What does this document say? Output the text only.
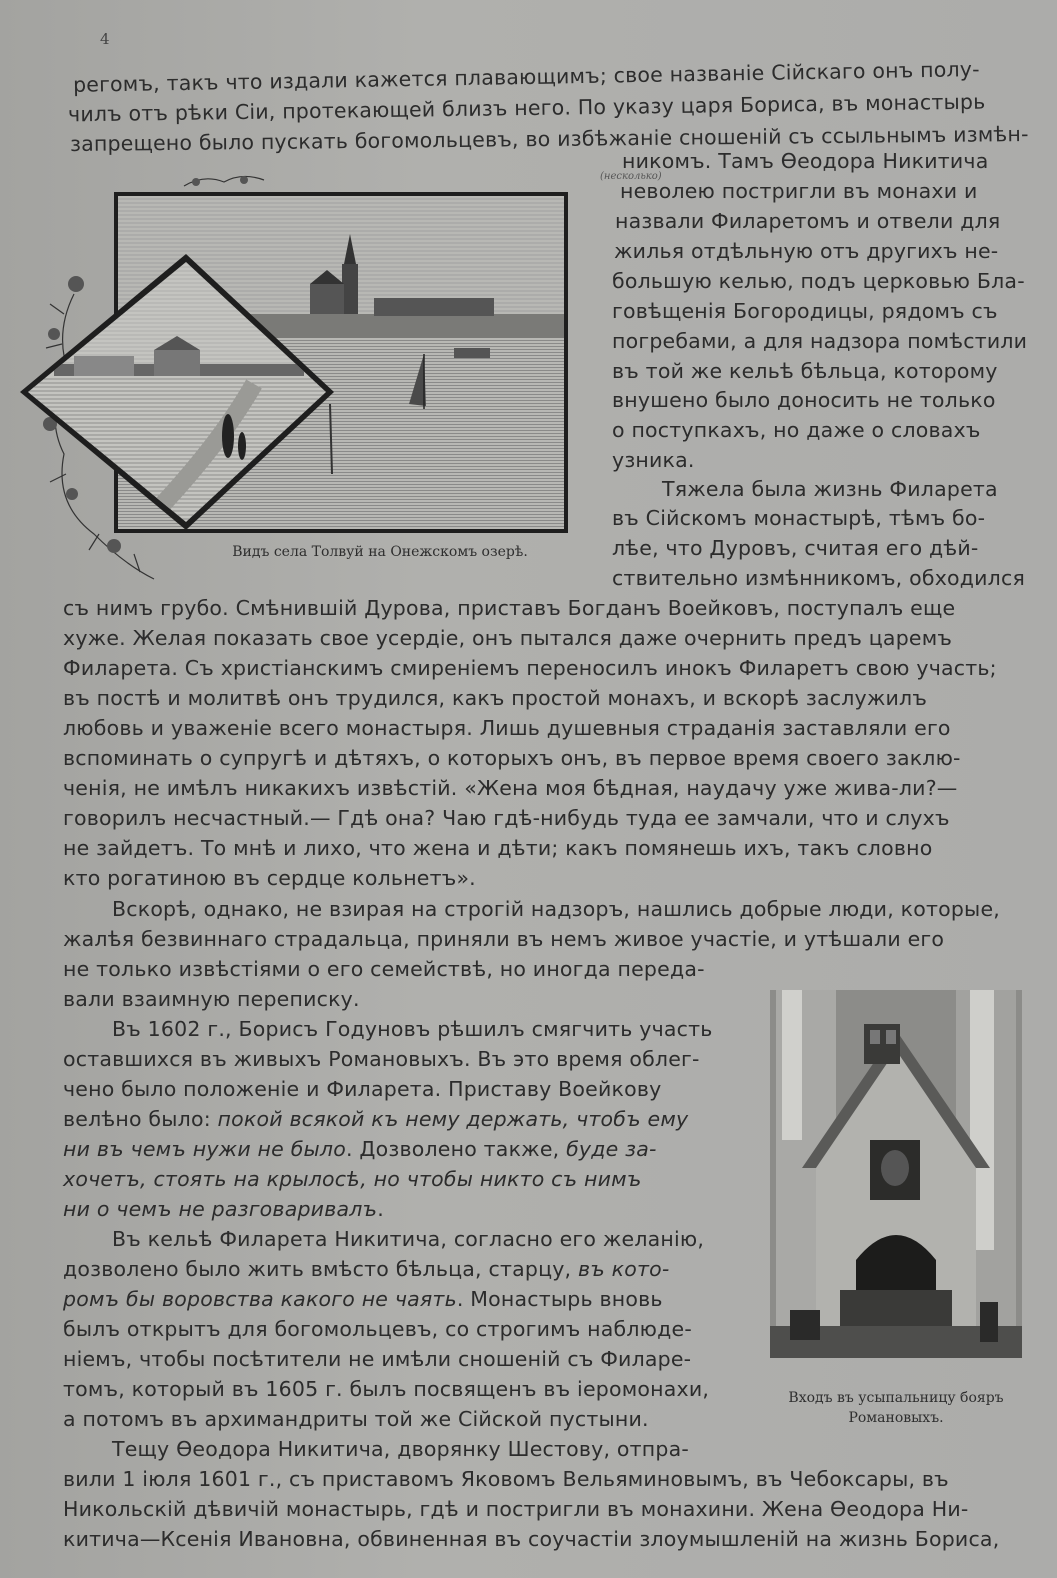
4
регомъ, такъ что издали кажется плавающимъ; свое названіе Сійскаго онъ полу-
чилъ отъ рѣки Сіи, протекающей близъ него. По указу царя Бориса, въ монастырь
запрещено было пускать богомольцевъ, во избѣжаніе сношеній съ ссыльнымъ измѣн-
(несколько)
никомъ. Тамъ Ѳеодора Никитича
неволею постригли въ монахи и
назвали Филаретомъ и отвели для
жилья отдѣльную отъ другихъ не-
большую келью, подъ церковью Бла-
говѣщенія Богородицы, рядомъ съ
погребами, а для надзора помѣстили
въ той же кельѣ бѣльца, которому
внушено было доносить не только
о поступкахъ, но даже о словахъ
узника.
Тяжела была жизнь Филарета
въ Сійскомъ монастырѣ, тѣмъ бо-
лѣе, что Дуровъ, считая его дѣй-
ствительно измѣнникомъ, обходился
съ нимъ грубо. Смѣнившій Дурова, приставъ Богданъ Воейковъ, поступалъ еще
хуже. Желая показать свое усердіе, онъ пытался даже очернить предъ царемъ
Филарета. Съ христіанскимъ смиреніемъ переносилъ инокъ Филаретъ свою участь;
въ постѣ и молитвѣ онъ трудился, какъ простой монахъ, и вскорѣ заслужилъ
любовь и уваженіе всего монастыря. Лишь душевныя страданія заставляли его
вспоминать о супругѣ и дѣтяхъ, о которыхъ онъ, въ первое время своего заклю-
ченія, не имѣлъ никакихъ извѣстій. «Жена моя бѣдная, наудачу уже жива-ли?—
говорилъ несчастный.— Гдѣ она? Чаю гдѣ-нибудь туда ее замчали, что и слухъ
не зайдетъ. То мнѣ и лихо, что жена и дѣти; какъ помянешь ихъ, такъ словно
кто рогатиною въ сердце кольнетъ».
Вскорѣ, однако, не взирая на строгій надзоръ, нашлись добрые люди, которые,
жалѣя безвиннаго страдальца, приняли въ немъ живое участіе, и утѣшали его
не только извѣстіями о его семействѣ, но иногда переда-
вали взаимную переписку.
Въ 1602 г., Борисъ Годуновъ рѣшилъ смягчить участь
оставшихся въ живыхъ Романовыхъ. Въ это время облег-
чено было положеніе и Филарета. Приставу Воейкову
велѣно было: покой всякой къ нему держать, чтобъ ему
ни въ чемъ нужи не было. Дозволено также, буде за-
хочетъ, стоять на крылосѣ, но чтобы никто съ нимъ
ни о чемъ не разговаривалъ.
Въ кельѣ Филарета Никитича, согласно его желанію,
дозволено было жить вмѣсто бѣльца, старцу, въ кото-
ромъ бы воровства какого не чаять. Монастырь вновь
былъ открытъ для богомольцевъ, со строгимъ наблюде-
ніемъ, чтобы посѣтители не имѣли сношеній съ Филаре-
томъ, который въ 1605 г. былъ посвященъ въ іеромонахи,
а потомъ въ архимандриты той же Сійской пустыни.
Тещу Ѳеодора Никитича, дворянку Шестову, отпра-
вили 1 іюля 1601 г., съ приставомъ Яковомъ Вельяминовымъ, въ Чебоксары, въ
Никольскій дѣвичій монастырь, гдѣ и постригли въ монахини. Жена Ѳеодора Ни-
китича—Ксенія Ивановна, обвиненная въ соучастіи злоумышленій на жизнь Бориса,
Видъ села Толвуй на Онежскомъ озерѣ.
Входъ въ усыпальницу бояръ
Романовыхъ.
